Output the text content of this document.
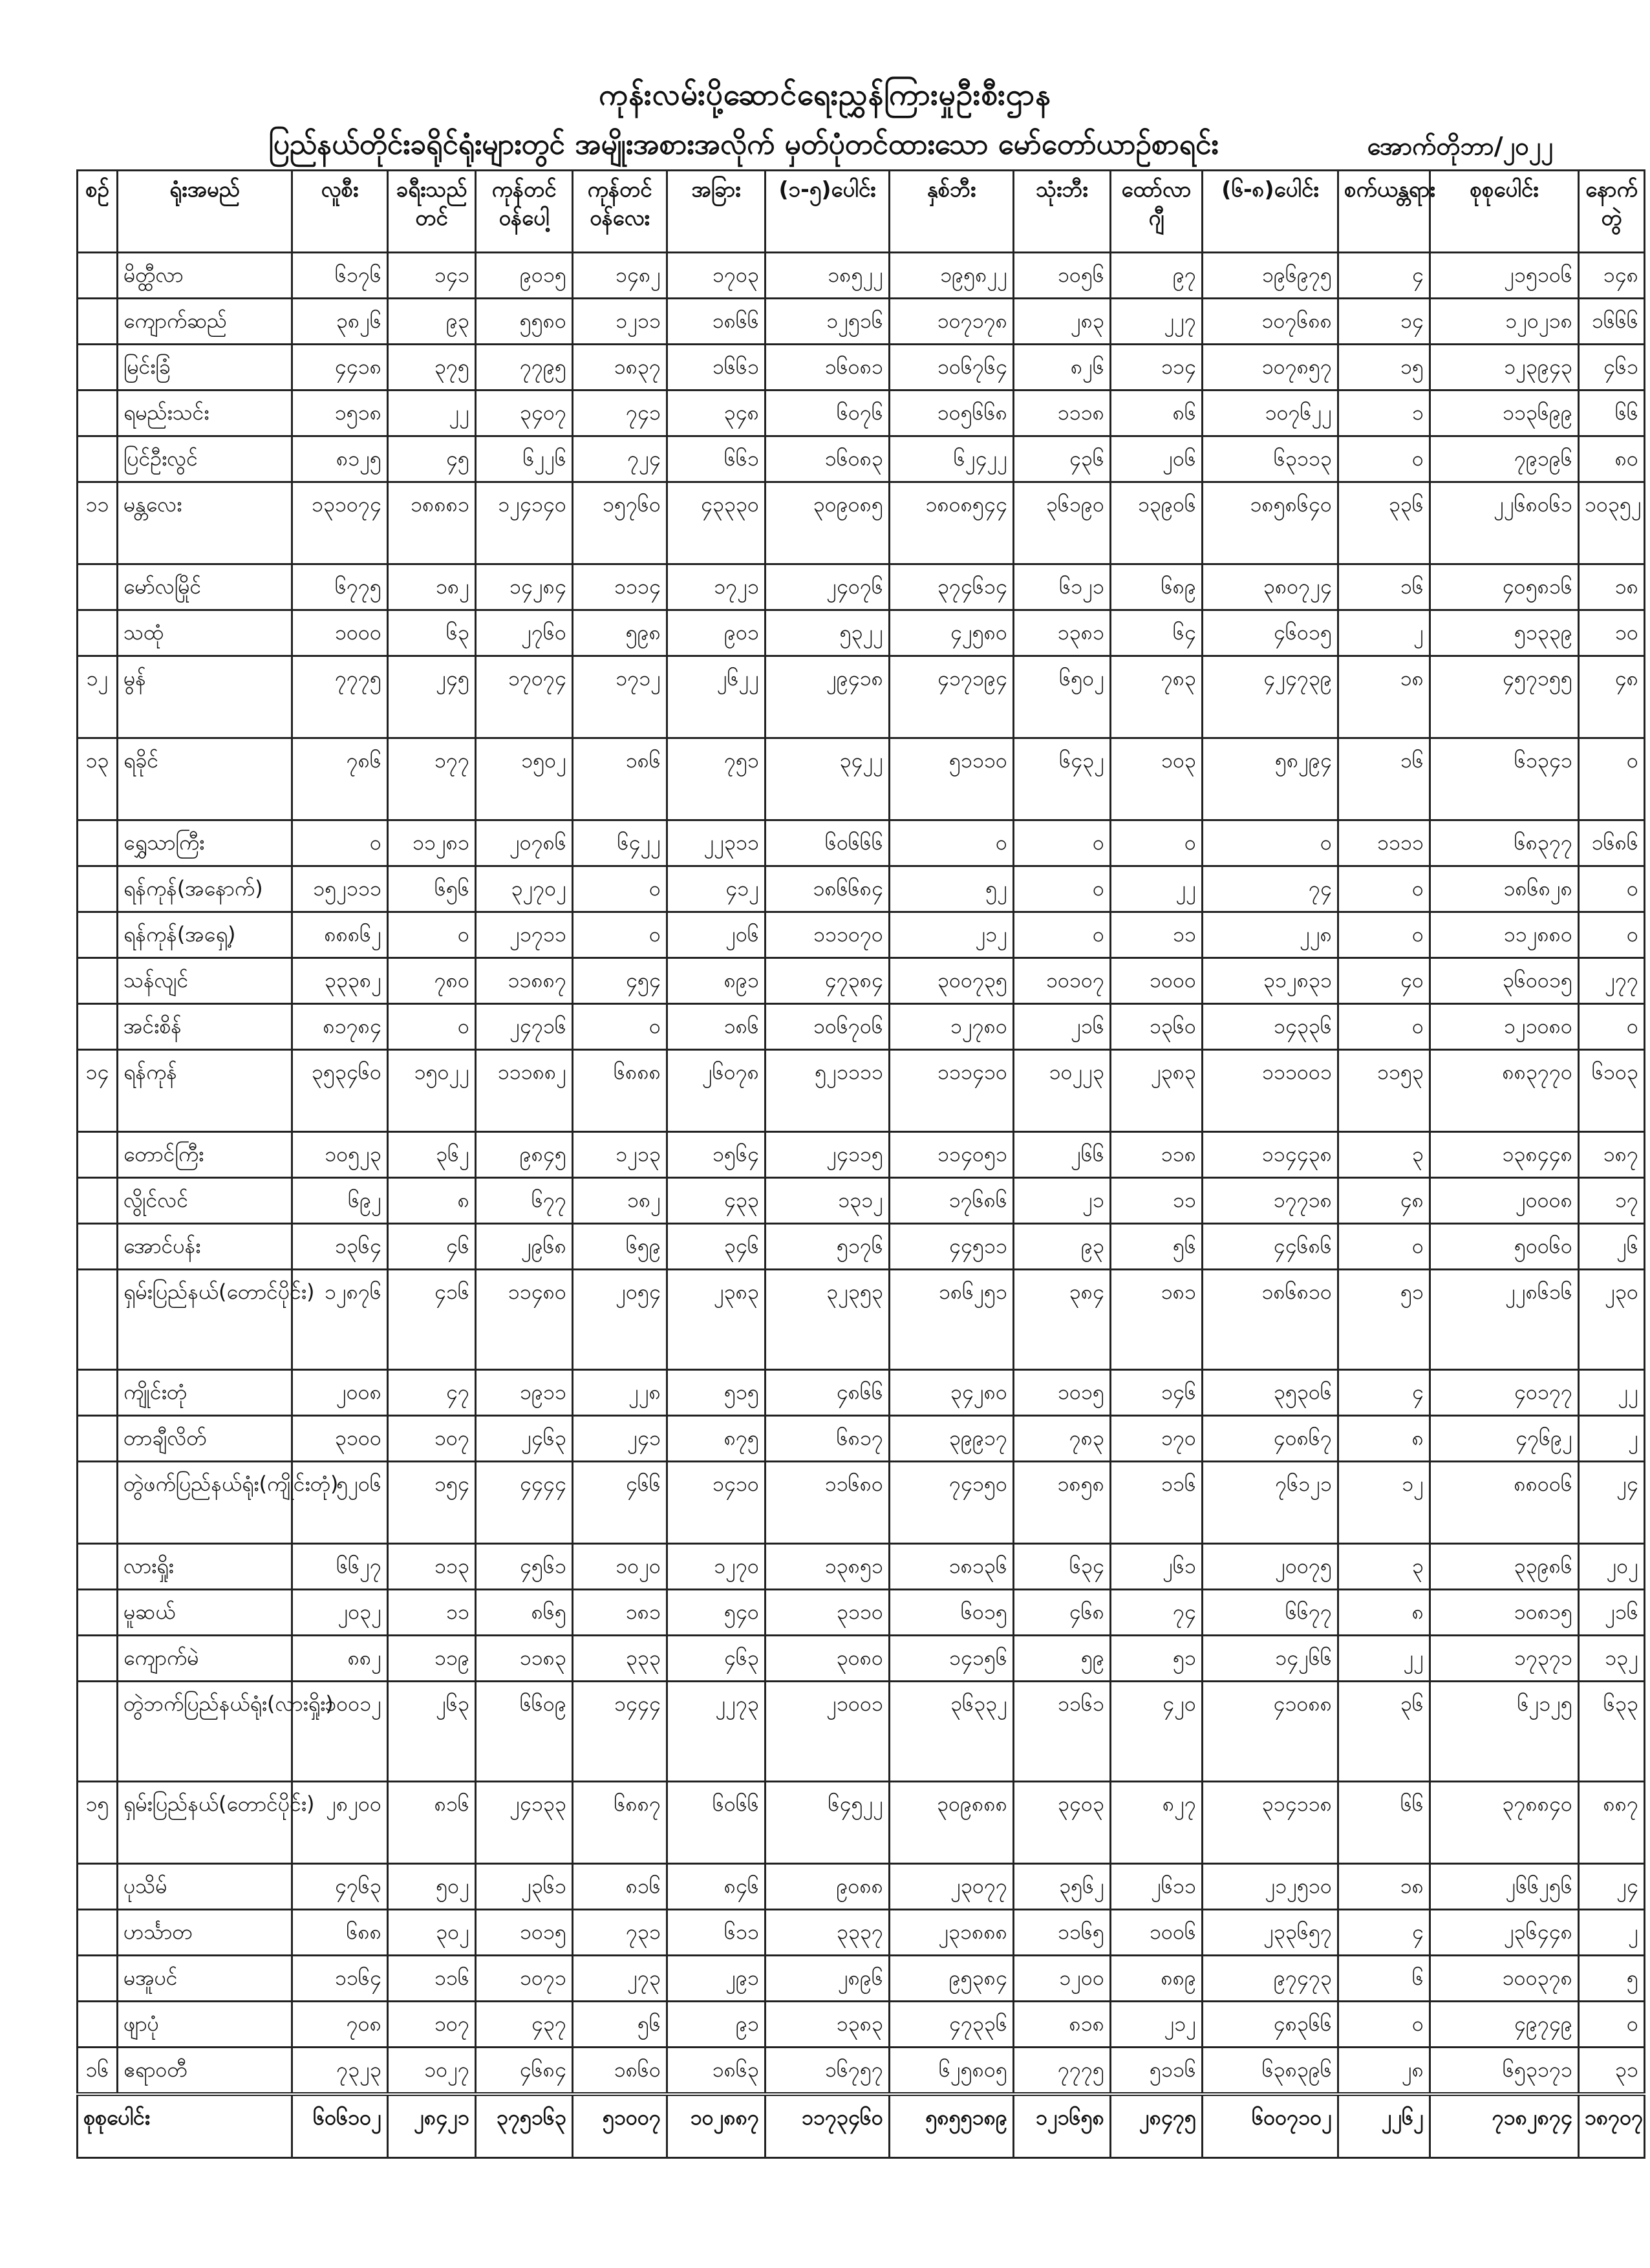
ကုန်းလမ်းပို့ဆောင်ရေးညွှန်ကြားမှုဦးစီးဌာန
ပြည်နယ်တိုင်းခရိုင်ရုံးများတွင် အမျိုးအစားအလိုက် မှတ်ပုံတင်ထားသော မော်တော်ယာဉ်စာရင်း	အောက်တိုဘာ/၂၀၂၂
စဉ်	ရုံးအမည်	လူစီး	ခရီးသည်တင်	ကုန်တင်ဝန်ပေါ့	ကုန်တင်ဝန်လေး	အခြား	(၁-၅)ပေါင်း	နှစ်ဘီး	သုံးဘီး	ထော်လာဂျီ	(၆-၈)ပေါင်း	စက်ယန္တရား	စုစုပေါင်း	နောက်တွဲ
	မိတ္ထီလာ	၆၁၇၆	၁၄၁	၉၀၁၅	၁၄၈၂	၁၇၀၃	၁၈၅၂၂	၁၉၅၈၂၂	၁၀၅၆	၉၇	၁၉၆၉၇၅	၄	၂၁၅၁၀၆	၁၄၈
	ကျောက်ဆည်	၃၈၂၆	၉၃	၅၅၈၀	၁၂၁၁	၁၈၆၆	၁၂၅၁၆	၁၀၇၁၇၈	၂၈၃	၂၂၇	၁၀၇၆၈၈	၁၄	၁၂၀၂၁၈	၁၆၆၆
	မြင်းခြံ	၄၄၁၈	၃၇၅	၇၇၉၅	၁၈၃၇	၁၆၆၁	၁၆၀၈၁	၁၀၆၇၆၄	၈၂၆	၁၁၄	၁၀၇၈၅၇	၁၅	၁၂၃၉၄၃	၄၆၁
	ရမည်းသင်း	၁၅၁၈	၂၂	၃၄၀၇	၇၄၁	၃၄၈	၆၀၇၆	၁၀၅၆၆၈	၁၁၁၈	၈၆	၁၀၇၆၂၂	၁	၁၁၃၆၉၉	၆၆
	ပြင်ဦးလွင်	၈၁၂၅	၄၅	၆၂၂၆	၇၂၄	၆၆၁	၁၆၀၈၃	၆၂၄၂၂	၄၃၆	၂၀၆	၆၃၁၁၃	၀	၇၉၁၉၆	၈၀
၁၁	မန္တလေး	၁၃၁၀၇၄	၁၈၈၈၁	၁၂၄၁၄၀	၁၅၇၆၀	၄၃၃၃၀	၃၀၉၀၈၅	၁၈၀၈၅၄၄	၃၆၁၉၀	၁၃၉၀၆	၁၈၅၈၆၄၀	၃၃၆	၂၂၆၈၀၆၁	၁၀၃၅၂
	မော်လမြိုင်	၆၇၇၅	၁၈၂	၁၄၂၈၄	၁၁၁၄	၁၇၂၁	၂၄၀၇၆	၃၇၄၆၁၄	၆၁၂၁	၆၈၉	၃၈၀၇၂၄	၁၆	၄၀၅၈၁၆	၁၈
	သထုံ	၁၀၀၀	၆၃	၂၇၆၀	၅၉၈	၉၀၁	၅၃၂၂	၄၂၅၈၀	၁၃၈၁	၆၄	၄၆၀၁၅	၂	၅၁၃၃၉	၁၀
၁၂	မွန်	၇၇၇၅	၂၄၅	၁၇၀၇၄	၁၇၁၂	၂၆၂၂	၂၉၄၁၈	၄၁၇၁၉၄	၆၅၀၂	၇၈၃	၄၂၄၇၃၉	၁၈	၄၅၇၁၅၅	၄၈
၁၃	ရခိုင်	၇၈၆	၁၇၇	၁၅၀၂	၁၈၆	၇၅၁	၃၄၂၂	၅၁၁၁၀	၆၄၃၂	၁၀၃	၅၈၂၉၄	၁၆	၆၁၃၄၁	၀
	ရွှေသာကြီး	၀	၁၁၂၈၁	၂၀၇၈၆	၆၄၂၂	၂၂၃၁၁	၆၀၆၆၆	၀	၀	၀	၀	၁၁၁၁	၆၈၃၇၇	၁၆၈၆
	ရန်ကုန်(အနောက်)	၁၅၂၁၁၁	၆၅၆	၃၂၇၀၂	၀	၄၁၂	၁၈၆၆၈၄	၅၂	၀	၂၂	၇၄	၀	၁၈၆၈၂၈	၀
	ရန်ကုန်(အရှေ့)	၈၈၈၆၂	၀	၂၁၇၁၁	၀	၂၀၆	၁၁၁၀၇၀	၂၁၂	၀	၁၁	၂၂၈	၀	၁၁၂၈၈၀	၀
	သန်လျင်	၃၃၃၈၂	၇၈၀	၁၁၈၈၇	၄၅၄	၈၉၁	၄၇၃၈၄	၃၀၀၇၃၅	၁၀၁၀၇	၁၀၀၀	၃၁၂၈၃၁	၄၀	၃၆၀၀၁၅	၂၇၇
	အင်းစိန်	၈၁၇၈၄	၀	၂၄၇၁၆	၀	၁၈၆	၁၀၆၇၀၆	၁၂၇၈၀	၂၁၆	၁၃၆၀	၁၄၃၃၆	၀	၁၂၁၀၈၀	၀
၁၄	ရန်ကုန်	၃၅၃၄၆၀	၁၅၀၂၂	၁၁၁၈၈၂	၆၈၈၈	၂၆၀၇၈	၅၂၁၁၁၁	၁၁၁၄၁၀	၁၀၂၂၃	၂၃၈၃	၁၁၁၀၀၁	၁၁၅၃	၈၈၃၇၇၀	၆၁၀၃
	တောင်ကြီး	၁၀၅၂၃	၃၆၂	၉၈၄၅	၁၂၁၃	၁၅၆၄	၂၄၁၁၅	၁၁၄၀၅၁	၂၆၆	၁၁၈	၁၁၄၄၃၈	၃	၁၃၈၄၄၈	၁၈၇
	လွိုင်လင်	၆၉၂	၈	၆၇၇	၁၈၂	၄၃၃	၁၃၁၂	၁၇၆၈၆	၂၁	၁၁	၁၇၇၁၈	၄၈	၂၀၀၀၈	၁၇
	အောင်ပန်း	၁၃၆၄	၄၆	၂၉၆၈	၆၅၉	၃၄၆	၅၁၇၆	၄၄၅၁၁	၉၃	၅၆	၄၄၆၈၆	၀	၅၀၀၆၀	၂၆
	ရှမ်းပြည်နယ်(တောင်ပိုင်း)	၁၂၈၇၆	၄၁၆	၁၁၄၈၀	၂၀၅၄	၂၃၈၃	၃၂၃၅၃	၁၈၆၂၅၁	၃၈၄	၁၈၁	၁၈၆၈၁၀	၅၁	၂၂၈၆၁၆	၂၃၀
	ကျိုင်းတုံ	၂၀၀၈	၄၇	၁၉၁၁	၂၂၈	၅၁၅	၄၈၆၆	၃၄၂၈၀	၁၀၁၅	၁၄၆	၃၅၃၀၆	၄	၄၀၁၇၇	၂၂
	တာချီလိတ်	၃၁၀၀	၁၀၇	၂၄၆၃	၂၄၁	၈၇၅	၆၈၁၇	၃၉၉၁၇	၇၈၃	၁၇၀	၄၀၈၆၇	၈	၄၇၆၉၂	၂
	တွဲဖက်ပြည်နယ်ရုံး(ကျိုင်းတုံ)	၅၂၀၆	၁၅၄	၄၄၄၄	၄၆၆	၁၄၁၀	၁၁၆၈၀	၇၄၁၅၀	၁၈၅၈	၁၁၆	၇၆၁၂၁	၁၂	၈၈၀၀၆	၂၄
	လားရှိုး	၆၆၂၇	၁၁၃	၄၅၆၁	၁၀၂၀	၁၂၇၀	၁၃၈၅၁	၁၈၁၃၆	၆၃၄	၂၆၁	၂၀၀၇၅	၃	၃၃၉၈၆	၂၀၂
	မူဆယ်	၂၀၃၂	၁၁	၈၆၅	၁၈၁	၅၄၀	၃၁၁၀	၆၀၁၅	၄၆၈	၇၄	၆၆၇၇	၈	၁၀၈၁၅	၂၁၆
	ကျောက်မဲ	၈၈၂	၁၁၉	၁၁၈၃	၃၃၃	၄၆၃	၃၀၈၀	၁၄၁၅၆	၅၉	၅၁	၁၄၂၆၆	၂၂	၁၇၃၇၁	၁၃၂
	တွဲဘက်ပြည်နယ်ရုံး(လားရှိုး)	၁၀၀၁၂	၂၆၃	၆၆၀၉	၁၄၄၄	၂၂၇၃	၂၁၀၀၁	၃၆၃၃၂	၁၁၆၁	၄၂၀	၄၁၀၈၈	၃၆	၆၂၁၂၅	၆၃၃
၁၅	ရှမ်းပြည်နယ်(တောင်ပိုင်း)	၂၈၂၀၀	၈၁၆	၂၄၁၃၃	၆၈၈၇	၆၀၆၆	၆၄၅၂၂	၃၀၉၈၈၈	၃၄၀၃	၈၂၇	၃၁၄၁၁၈	၆၆	၃၇၈၈၄၀	၈၈၇
	ပုသိမ်	၄၇၆၃	၅၀၂	၂၃၆၁	၈၁၆	၈၄၆	၉၀၈၈	၂၃၀၇၇	၃၅၆၂	၂၆၁၁	၂၁၂၅၁၀	၁၈	၂၆၆၂၅၆	၂၄
	ဟင်္သာတ	၆၈၈	၃၀၂	၁၀၁၅	၇၃၁	၆၁၁	၃၃၃၇	၂၃၁၈၈၈	၁၁၆၅	၁၀၀၆	၂၃၃၆၅၇	၄	၂၃၆၄၄၈	၂
	မအူပင်	၁၁၆၄	၁၁၆	၁၀၇၁	၂၇၃	၂၉၁	၂၈၉၆	၉၅၃၈၄	၁၂၀၀	၈၈၉	၉၇၄၇၃	၆	၁၀၀၃၇၈	၅
	ဖျာပုံ	၇၀၈	၁၀၇	၄၃၇	၅၆	၉၁	၁၃၈၃	၄၇၃၃၆	၈၁၈	၂၁၂	၄၈၃၆၆	၀	၄၉၇၄၉	၀
၁၆	ဧရာဝတီ	၇၃၂၃	၁၀၂၇	၄၆၈၄	၁၈၆၀	၁၈၆၃	၁၆၇၅၇	၆၂၅၈၀၅	၇၇၇၅	၅၁၁၆	၆၃၈၃၉၆	၂၈	၆၅၃၁၇၁	၃၁
စုစုပေါင်း		၆၀၆၁၀၂	၂၈၄၂၁	၃၇၅၁၆၃	၅၁၀၀၇	၁၀၂၈၈၇	၁၁၇၃၄၆၀	၅၈၅၅၁၈၉	၁၂၁၆၅၈	၂၈၄၇၅	၆၀၀၇၁၀၂	၂၂၆၂	၇၁၈၂၈၇၄	၁၈၇၀၇
